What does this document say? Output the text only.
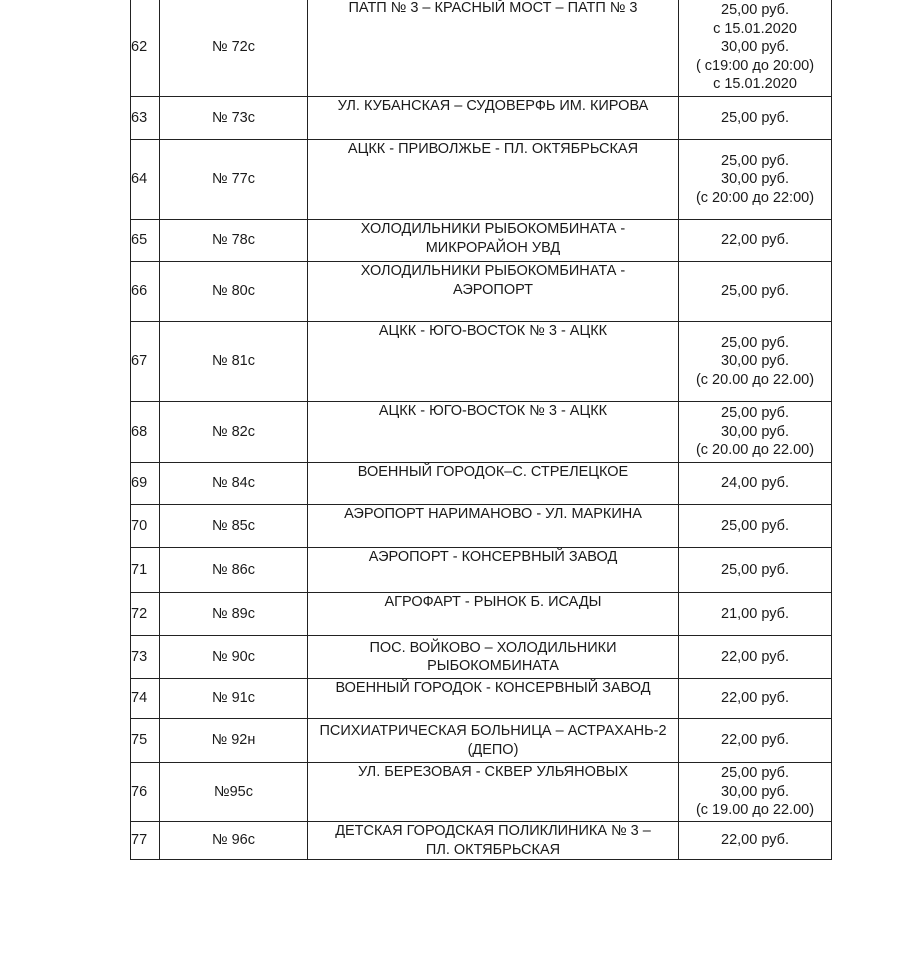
62	№ 72с	ПАТП № 3 – КРАСНЫЙ МОСТ – ПАТП № 3	25,00 руб.
с 15.01.2020
30,00 руб.
( с19:00 до 20:00)
с 15.01.2020

63	№ 73с	УЛ. КУБАНСКАЯ – СУДОВЕРФЬ ИМ. КИРОВА	25,00 руб.

64	№ 77с	АЦКК - ПРИВОЛЖЬЕ - ПЛ. ОКТЯБРЬСКАЯ	25,00 руб.
30,00 руб.
(с 20:00 до 22:00)

65	№ 78с	ХОЛОДИЛЬНИКИ РЫБОКОМБИНАТА -
МИКРОРАЙОН УВД	22,00 руб.

66	№ 80с	ХОЛОДИЛЬНИКИ РЫБОКОМБИНАТА -
АЭРОПОРТ	25,00 руб.

67	№ 81с	АЦКК - ЮГО-ВОСТОК № 3 - АЦКК	25,00 руб.
30,00 руб.
(с 20.00 до 22.00)

68	№ 82с	АЦКК - ЮГО-ВОСТОК № 3 - АЦКК	25,00 руб.
30,00 руб.
(с 20.00 до 22.00)

69	№ 84с	ВОЕННЫЙ ГОРОДОК–С. СТРЕЛЕЦКОЕ	24,00 руб.

70	№ 85с	АЭРОПОРТ НАРИМАНОВО - УЛ. МАРКИНА	25,00 руб.

71	№ 86с	АЭРОПОРТ - КОНСЕРВНЫЙ ЗАВОД	25,00 руб.

72	№ 89с	АГРОФАРТ - РЫНОК Б. ИСАДЫ	21,00 руб.

73	№ 90с	ПОС. ВОЙКОВО – ХОЛОДИЛЬНИКИ
РЫБОКОМБИНАТА	22,00 руб.

74	№ 91с	ВОЕННЫЙ ГОРОДОК - КОНСЕРВНЫЙ ЗАВОД	22,00 руб.

75	№ 92н	ПСИХИАТРИЧЕСКАЯ БОЛЬНИЦА – АСТРАХАНЬ-2
(ДЕПО)	22,00 руб.

76	№95с	УЛ. БЕРЕЗОВАЯ - СКВЕР УЛЬЯНОВЫХ	25,00 руб.
30,00 руб.
(с 19.00 до 22.00)

77	№ 96с	ДЕТСКАЯ ГОРОДСКАЯ ПОЛИКЛИНИКА № 3 –
ПЛ. ОКТЯБРЬСКАЯ	22,00 руб.
